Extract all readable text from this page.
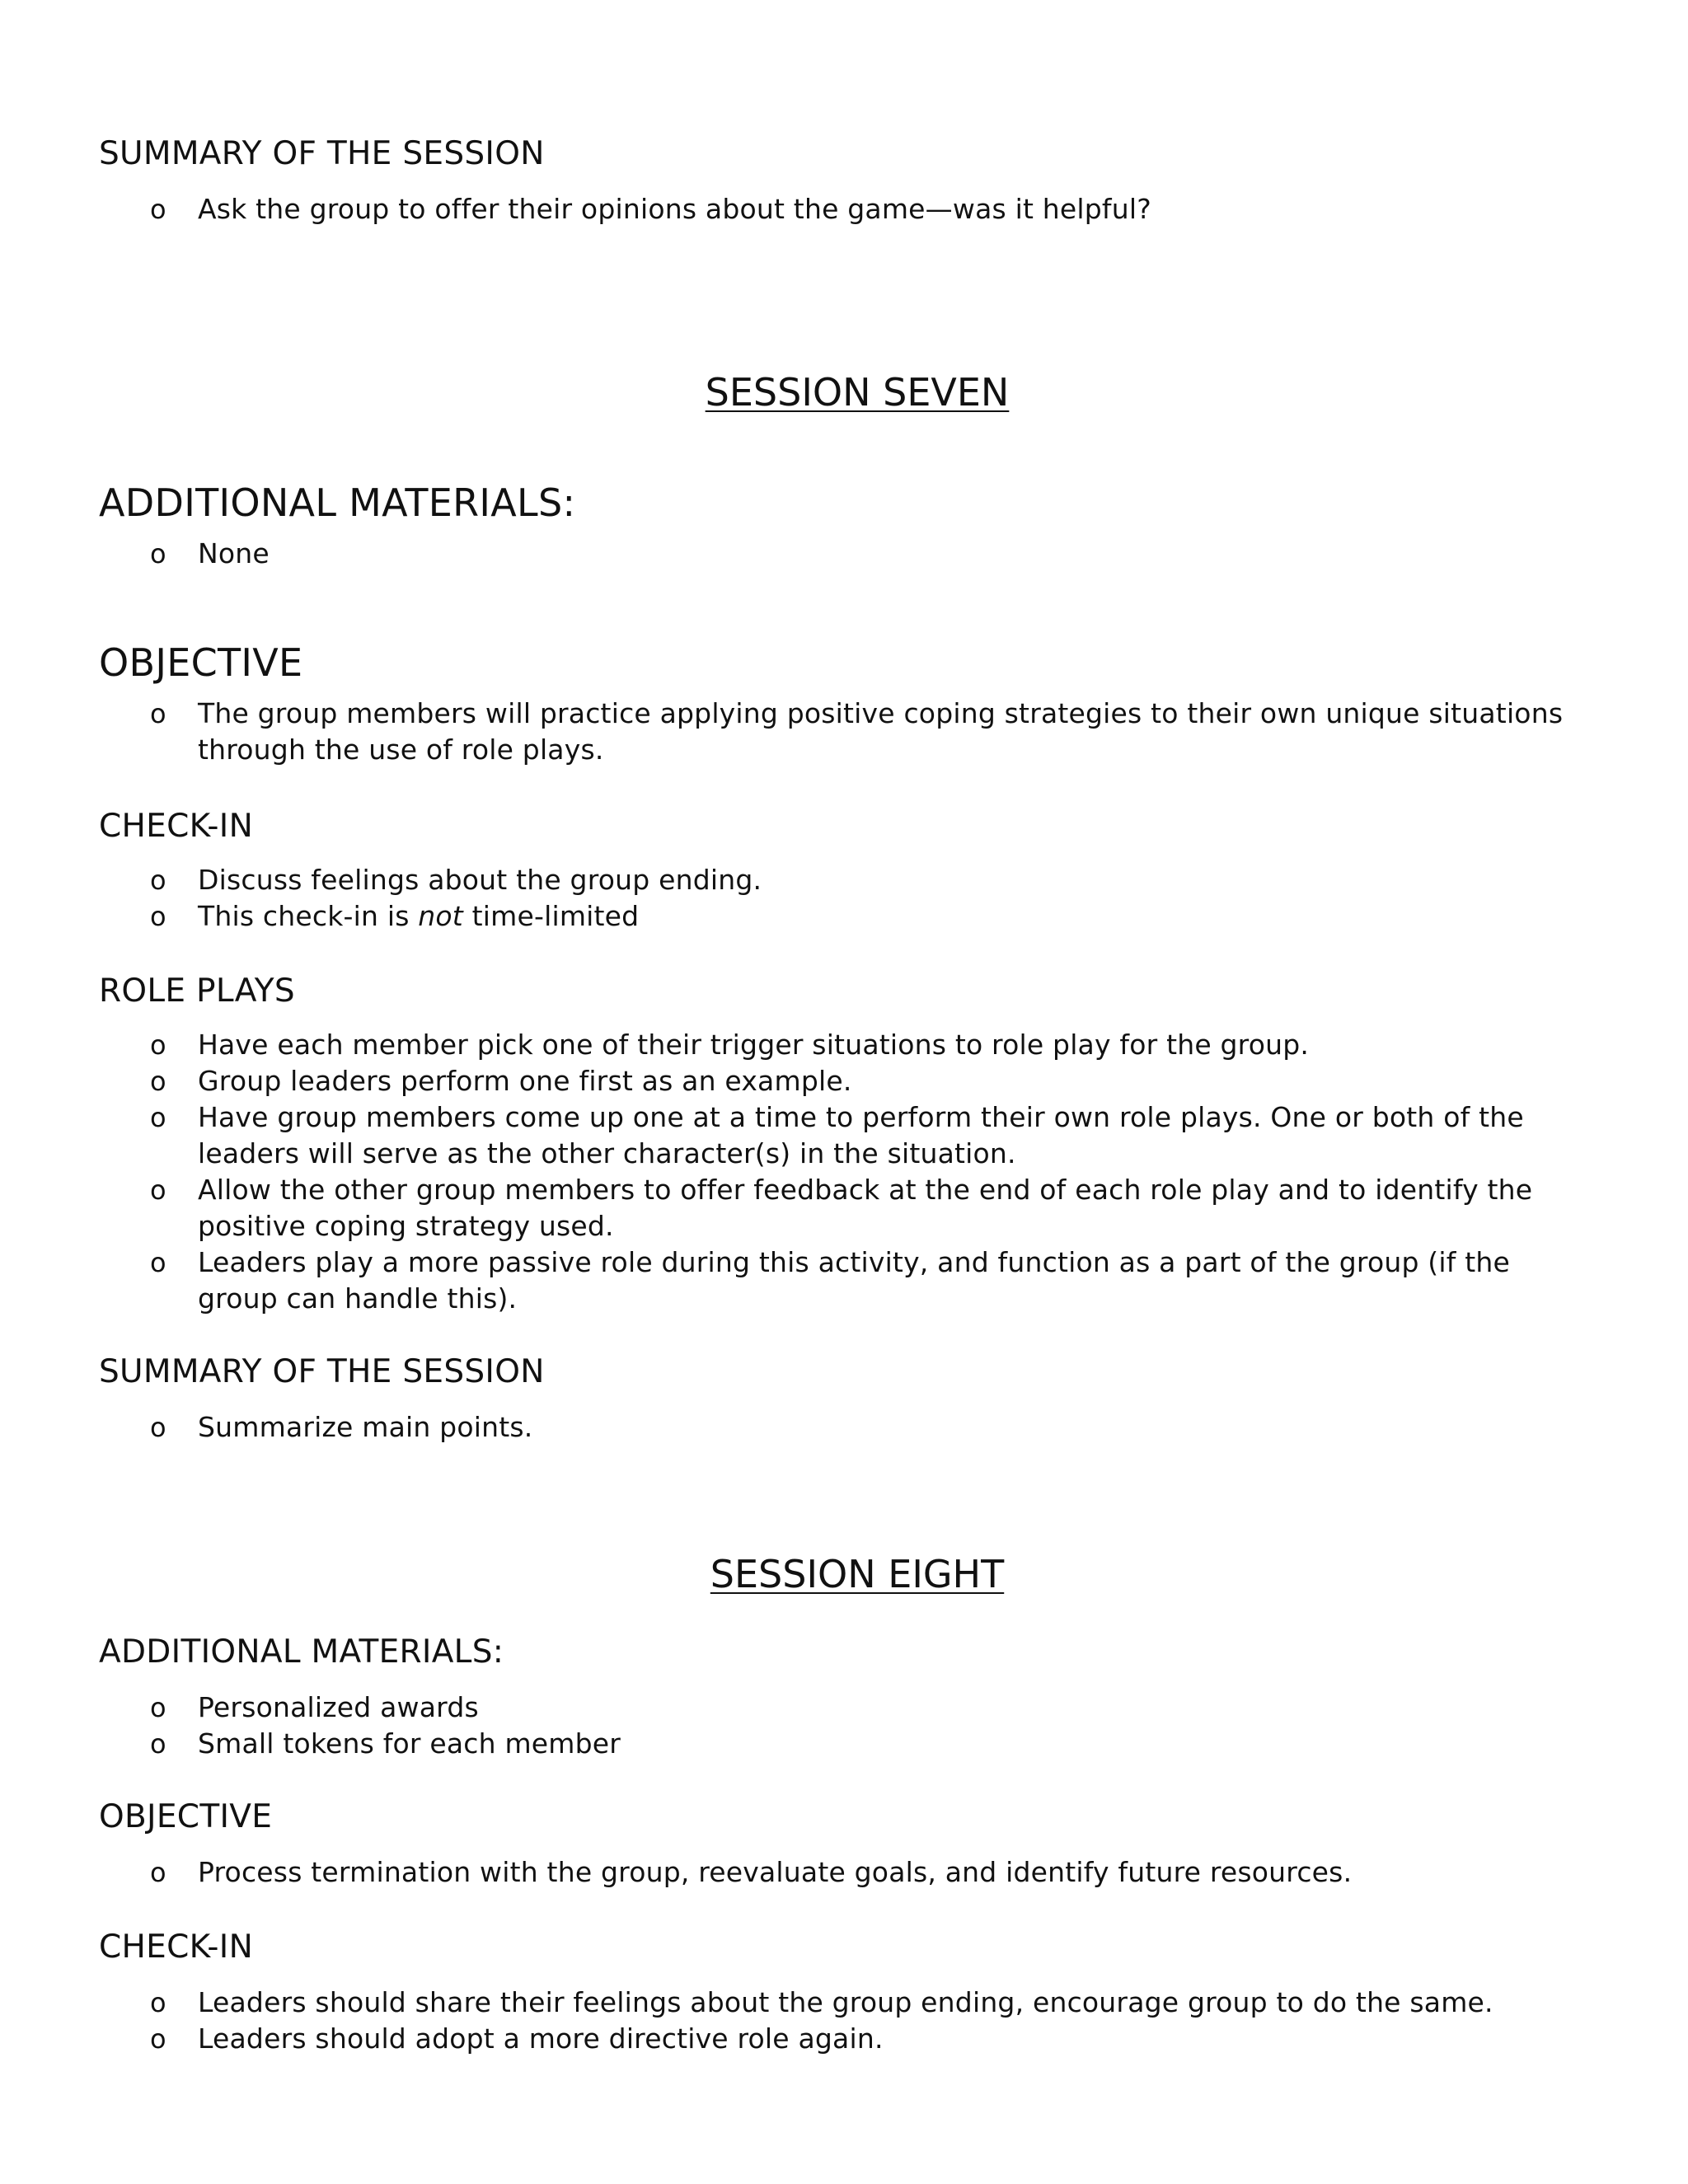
SUMMARY OF THE SESSION
o Ask the group to offer their opinions about the game—was it helpful?
SESSION SEVEN
ADDITIONAL MATERIALS:
o None
OBJECTIVE
o The group members will practice applying positive coping strategies to their own unique situations through the use of role plays.
CHECK-IN
o Discuss feelings about the group ending.
o This check-in is not time-limited
ROLE PLAYS
o Have each member pick one of their trigger situations to role play for the group.
o Group leaders perform one first as an example.
o Have group members come up one at a time to perform their own role plays. One or both of the leaders will serve as the other character(s) in the situation.
o Allow the other group members to offer feedback at the end of each role play and to identify the positive coping strategy used.
o Leaders play a more passive role during this activity, and function as a part of the group (if the group can handle this).
SUMMARY OF THE SESSION
o Summarize main points.
SESSION EIGHT
ADDITIONAL MATERIALS:
o Personalized awards
o Small tokens for each member
OBJECTIVE
o Process termination with the group, reevaluate goals, and identify future resources.
CHECK-IN
o Leaders should share their feelings about the group ending, encourage group to do the same.
o Leaders should adopt a more directive role again.
